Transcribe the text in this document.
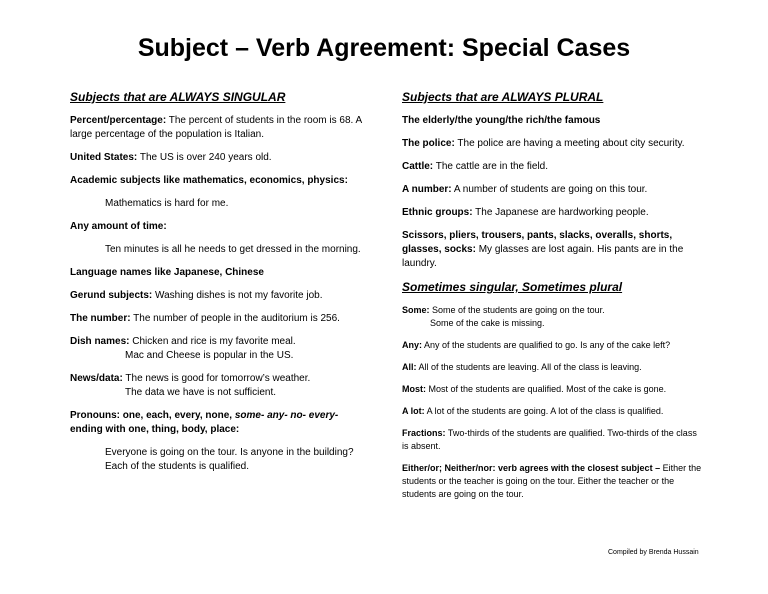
Subject – Verb Agreement: Special Cases
Subjects that are ALWAYS SINGULAR
Percent/percentage: The percent of students in the room is 68. A large percentage of the population is Italian.
United States: The US is over 240 years old.
Academic subjects like mathematics, economics, physics:
Mathematics is hard for me.
Any amount of time:
Ten minutes is all he needs to get dressed in the morning.
Language names like Japanese, Chinese
Gerund subjects: Washing dishes is not my favorite job.
The number: The number of people in the auditorium is 256.
Dish names: Chicken and rice is my favorite meal.
Mac and Cheese is popular in the US.
News/data: The news is good for tomorrow’s weather.
The data we have is not sufficient.
Pronouns: one, each, every, none, some- any- no- every- ending with one, thing, body, place:
Everyone is going on the tour. Is anyone in the building?
Each of the students is qualified.
Subjects that are ALWAYS PLURAL
The elderly/the young/the rich/the famous
The police: The police are having a meeting about city security.
Cattle: The cattle are in the field.
A number: A number of students are going on this tour.
Ethnic groups: The Japanese are hardworking people.
Scissors, pliers, trousers, pants, slacks, overalls, shorts, glasses, socks: My glasses are lost again. His pants are in the laundry.
Sometimes singular, Sometimes plural
Some: Some of the students are going on the tour.
Some of the cake is missing.
Any: Any of the students are qualified to go. Is any of the cake left?
All: All of the students are leaving. All of the class is leaving.
Most: Most of the students are qualified. Most of the cake is gone.
A lot: A lot of the students are going. A lot of the class is qualified.
Fractions: Two-thirds of the students are qualified. Two-thirds of the class is absent.
Either/or; Neither/nor: verb agrees with the closest subject – Either the students or the teacher is going on the tour. Either the teacher or the students are going on the tour.
Compiled by Brenda Hussain
